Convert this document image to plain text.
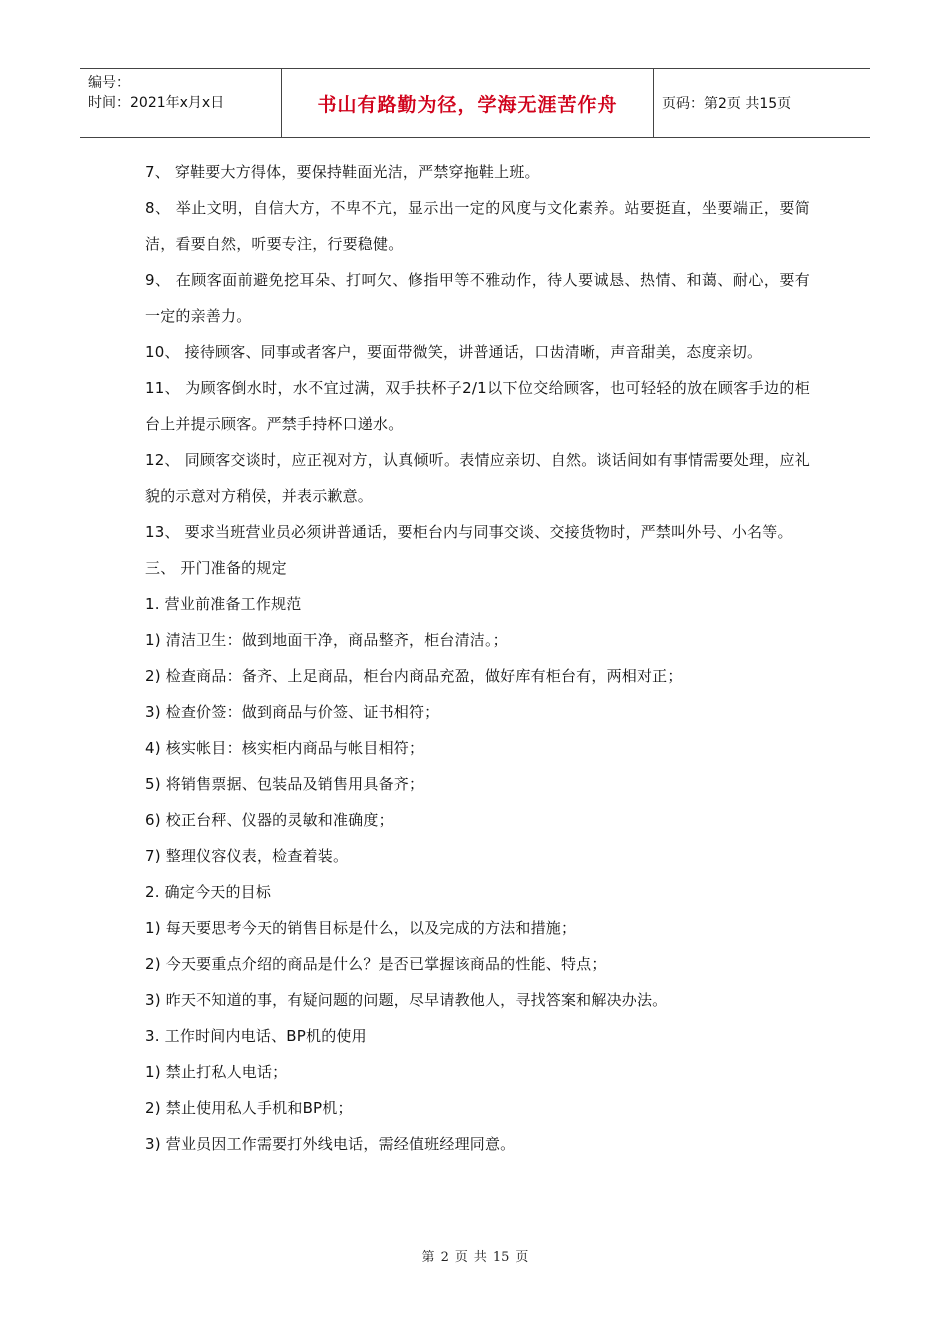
编号：
时间：2021年x月x日	书山有路勤为径，学海无涯苦作舟	页码：第2页 共15页

7、 穿鞋要大方得体，要保持鞋面光洁，严禁穿拖鞋上班。

8、 举止文明，自信大方，不卑不亢，显示出一定的风度与文化素养。站要挺直，坐要端正，要简洁，看要自然，听要专注，行要稳健。

9、 在顾客面前避免挖耳朵、打呵欠、修指甲等不雅动作，待人要诚恳、热情、和蔼、耐心，要有一定的亲善力。

10、 接待顾客、同事或者客户，要面带微笑，讲普通话，口齿清晰，声音甜美，态度亲切。

11、 为顾客倒水时，水不宜过满，双手扶杯子2/1以下位交给顾客，也可轻轻的放在顾客手边的柜台上并提示顾客。严禁手持杯口递水。

12、 同顾客交谈时，应正视对方，认真倾听。表情应亲切、自然。谈话间如有事情需要处理，应礼貌的示意对方稍侯，并表示歉意。

13、 要求当班营业员必须讲普通话，要柜台内与同事交谈、交接货物时，严禁叫外号、小名等。

三、 开门准备的规定

1. 营业前准备工作规范

1) 清洁卫生：做到地面干净，商品整齐，柜台清洁。；

2) 检查商品：备齐、上足商品，柜台内商品充盈，做好库有柜台有，两相对正；

3) 检查价签：做到商品与价签、证书相符；

4) 核实帐目：核实柜内商品与帐目相符；

5) 将销售票据、包装品及销售用具备齐；

6) 校正台秤、仪器的灵敏和准确度；

7) 整理仪容仪表，检查着装。

2. 确定今天的目标

1) 每天要思考今天的销售目标是什么，以及完成的方法和措施；

2) 今天要重点介绍的商品是什么？是否已掌握该商品的性能、特点；

3) 昨天不知道的事，有疑问题的问题，尽早请教他人，寻找答案和解决办法。

3. 工作时间内电话、BP机的使用

1) 禁止打私人电话；

2) 禁止使用私人手机和BP机；

3) 营业员因工作需要打外线电话，需经值班经理同意。

第 2 页 共 15 页
